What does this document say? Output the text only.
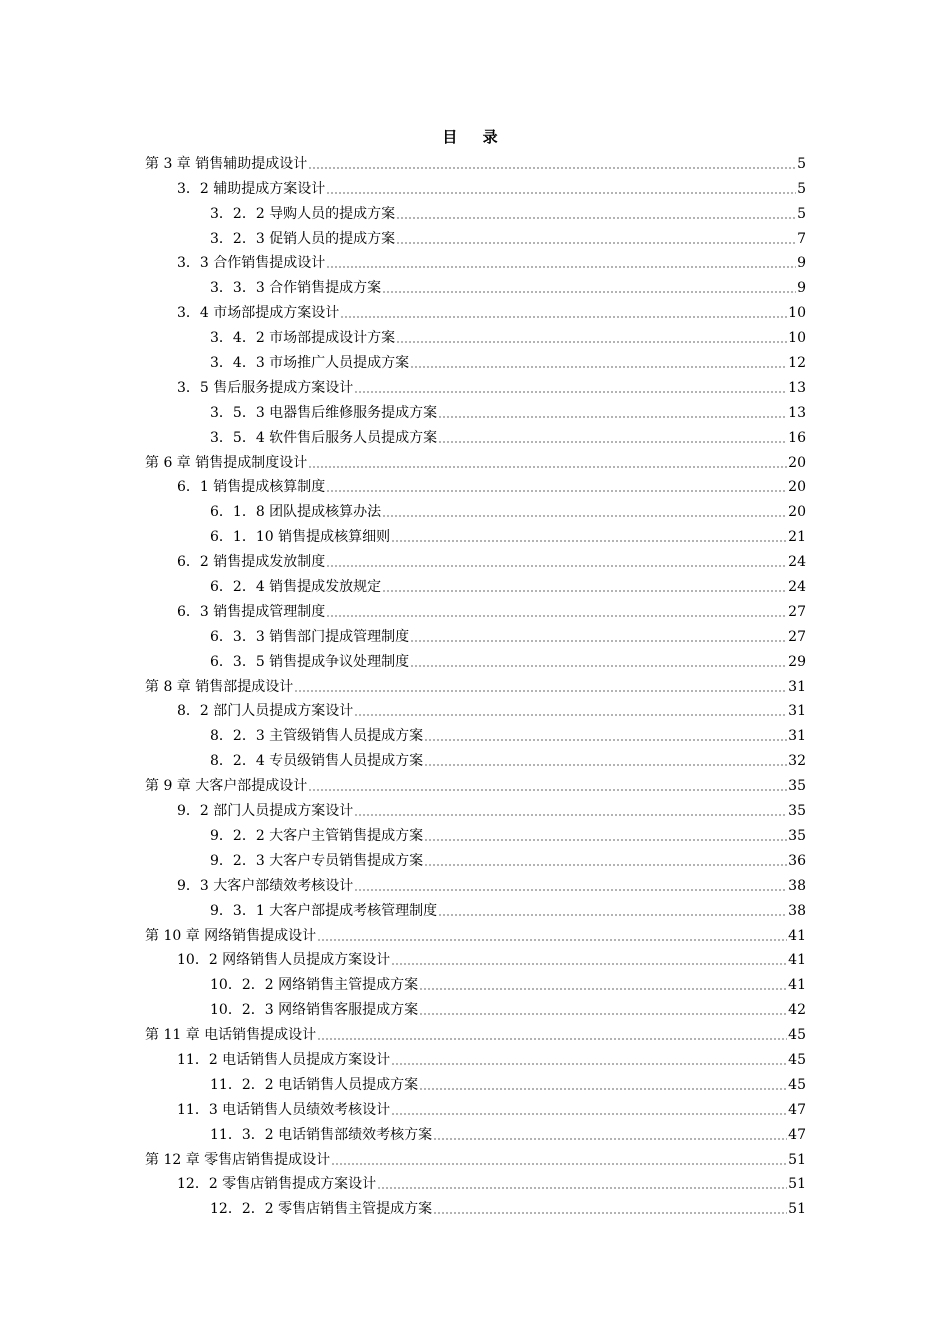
目 录
第 3 章 销售辅助提成设计	5
3．2 辅助提成方案设计	5
3．2．2 导购人员的提成方案	5
3．2．3 促销人员的提成方案	7
3．3 合作销售提成设计	9
3．3．3 合作销售提成方案	9
3．4 市场部提成方案设计	10
3．4．2 市场部提成设计方案	10
3．4．3 市场推广人员提成方案	12
3．5 售后服务提成方案设计	13
3．5．3 电器售后维修服务提成方案	13
3．5．4 软件售后服务人员提成方案	16
第 6 章 销售提成制度设计	20
6．1 销售提成核算制度	20
6．1．8 团队提成核算办法	20
6．1．10 销售提成核算细则	21
6．2 销售提成发放制度	24
6．2．4 销售提成发放规定	24
6．3 销售提成管理制度	27
6．3．3 销售部门提成管理制度	27
6．3．5 销售提成争议处理制度	29
第 8 章 销售部提成设计	31
8．2 部门人员提成方案设计	31
8．2．3 主管级销售人员提成方案	31
8．2．4 专员级销售人员提成方案	32
第 9 章 大客户部提成设计	35
9．2 部门人员提成方案设计	35
9．2．2 大客户主管销售提成方案	35
9．2．3 大客户专员销售提成方案	36
9．3 大客户部绩效考核设计	38
9．3．1 大客户部提成考核管理制度	38
第 10 章 网络销售提成设计	41
10．2 网络销售人员提成方案设计	41
10．2．2 网络销售主管提成方案	41
10．2．3 网络销售客服提成方案	42
第 11 章 电话销售提成设计	45
11．2 电话销售人员提成方案设计	45
11．2．2 电话销售人员提成方案	45
11．3 电话销售人员绩效考核设计	47
11．3．2 电话销售部绩效考核方案	47
第 12 章 零售店销售提成设计	51
12．2 零售店销售提成方案设计	51
12．2．2 零售店销售主管提成方案	51
